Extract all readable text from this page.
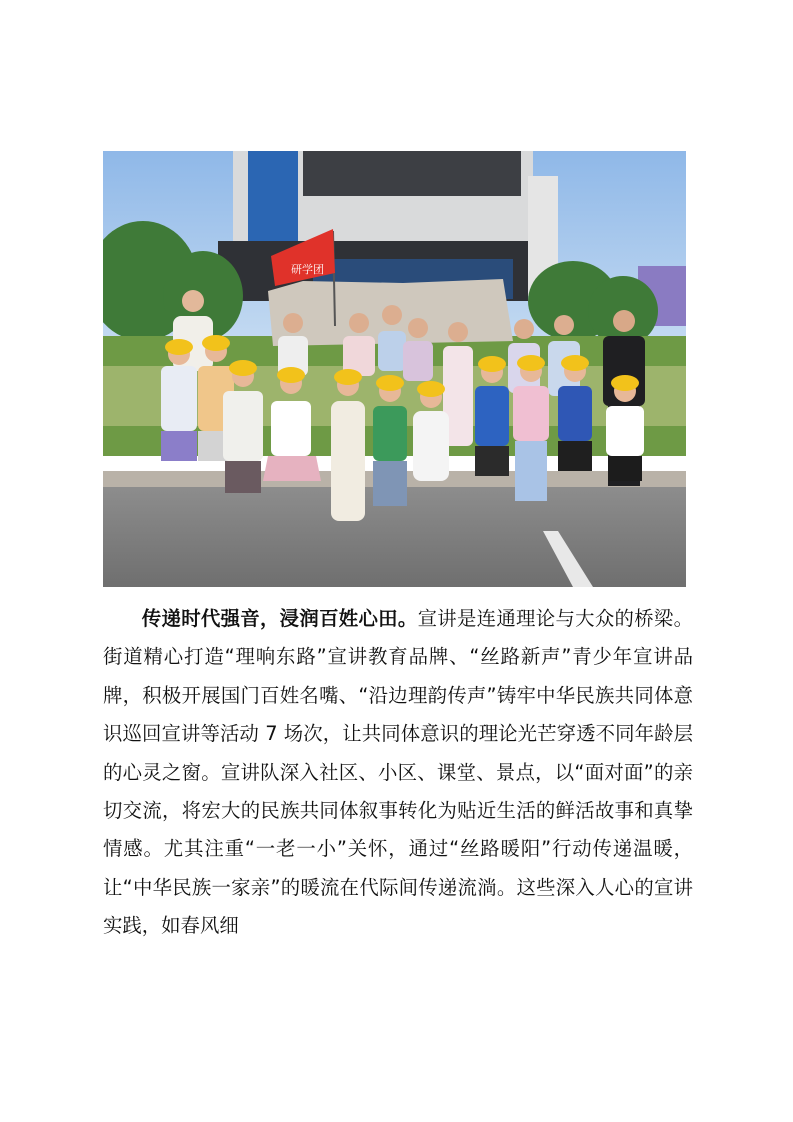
研学团

传递时代强音，浸润百姓心田。宣讲是连通理论与大众的桥梁。街道精心打造“理响东路”宣讲教育品牌、“丝路新声”青少年宣讲品牌，积极开展国门百姓名嘴、“沿边理韵传声”铸牢中华民族共同体意识巡回宣讲等活动 7 场次，让共同体意识的理论光芒穿透不同年龄层的心灵之窗。宣讲队深入社区、小区、课堂、景点，以“面对面”的亲切交流，将宏大的民族共同体叙事转化为贴近生活的鲜活故事和真挚情感。尤其注重“一老一小”关怀，通过“丝路暖阳”行动传递温暖，让“中华民族一家亲”的暖流在代际间传递流淌。这些深入人心的宣讲实践，如春风细
